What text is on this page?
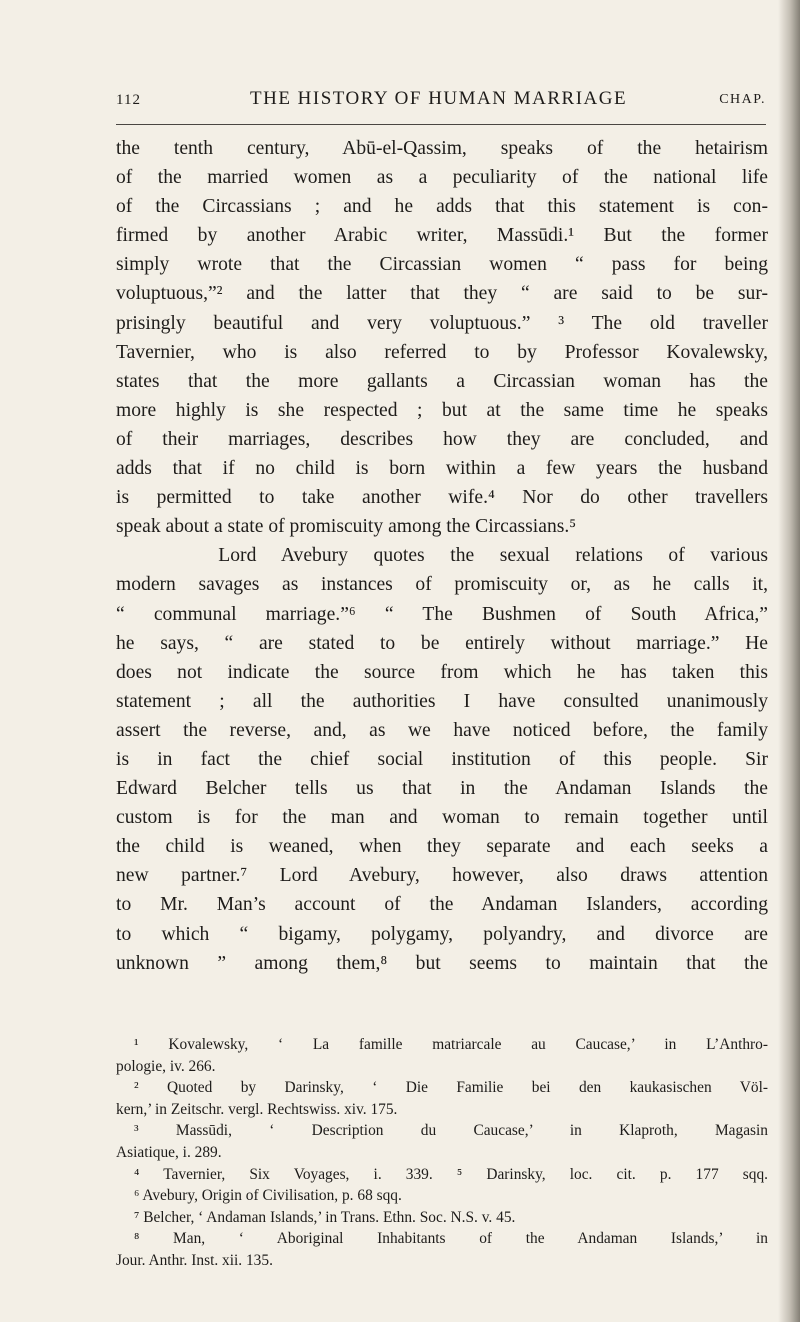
112	THE HISTORY OF HUMAN MARRIAGE	CHAP.
the tenth century, Abū-el-Qassim, speaks of the hetairism
of the married women as a peculiarity of the national life
of the Circassians ; and he adds that this statement is con-
firmed by another Arabic writer, Massūdi.¹ But the former
simply wrote that the Circassian women “ pass for being
voluptuous,”² and the latter that they “ are said to be sur-
prisingly beautiful and very voluptuous.” ³ The old traveller
Tavernier, who is also referred to by Professor Kovalewsky,
states that the more gallants a Circassian woman has the
more highly is she respected ; but at the same time he speaks
of their marriages, describes how they are concluded, and
adds that if no child is born within a few years the husband
is permitted to take another wife.⁴ Nor do other travellers
speak about a state of promiscuity among the Circassians.⁵
Lord Avebury quotes the sexual relations of various
modern savages as instances of promiscuity or, as he calls it,
“ communal marriage.”⁶ “ The Bushmen of South Africa,”
he says, “ are stated to be entirely without marriage.” He
does not indicate the source from which he has taken this
statement ; all the authorities I have consulted unanimously
assert the reverse, and, as we have noticed before, the family
is in fact the chief social institution of this people. Sir
Edward Belcher tells us that in the Andaman Islands the
custom is for the man and woman to remain together until
the child is weaned, when they separate and each seeks a
new partner.⁷ Lord Avebury, however, also draws attention
to Mr. Man’s account of the Andaman Islanders, according
to which “ bigamy, polygamy, polyandry, and divorce are
unknown ” among them,⁸ but seems to maintain that the
¹ Kovalewsky, ‘ La famille matriarcale au Caucase,’ in L’Anthro-
pologie, iv. 266.
² Quoted by Darinsky, ‘ Die Familie bei den kaukasischen Völ-
kern,’ in Zeitschr. vergl. Rechtswiss. xiv. 175.
³ Massūdi, ‘ Description du Caucase,’ in Klaproth, Magasin
Asiatique, i. 289.
⁴ Tavernier, Six Voyages, i. 339. ⁵ Darinsky, loc. cit. p. 177 sqq.
⁶ Avebury, Origin of Civilisation, p. 68 sqq.
⁷ Belcher, ‘ Andaman Islands,’ in Trans. Ethn. Soc. N.S. v. 45.
⁸ Man, ‘ Aboriginal Inhabitants of the Andaman Islands,’ in
Jour. Anthr. Inst. xii. 135.
